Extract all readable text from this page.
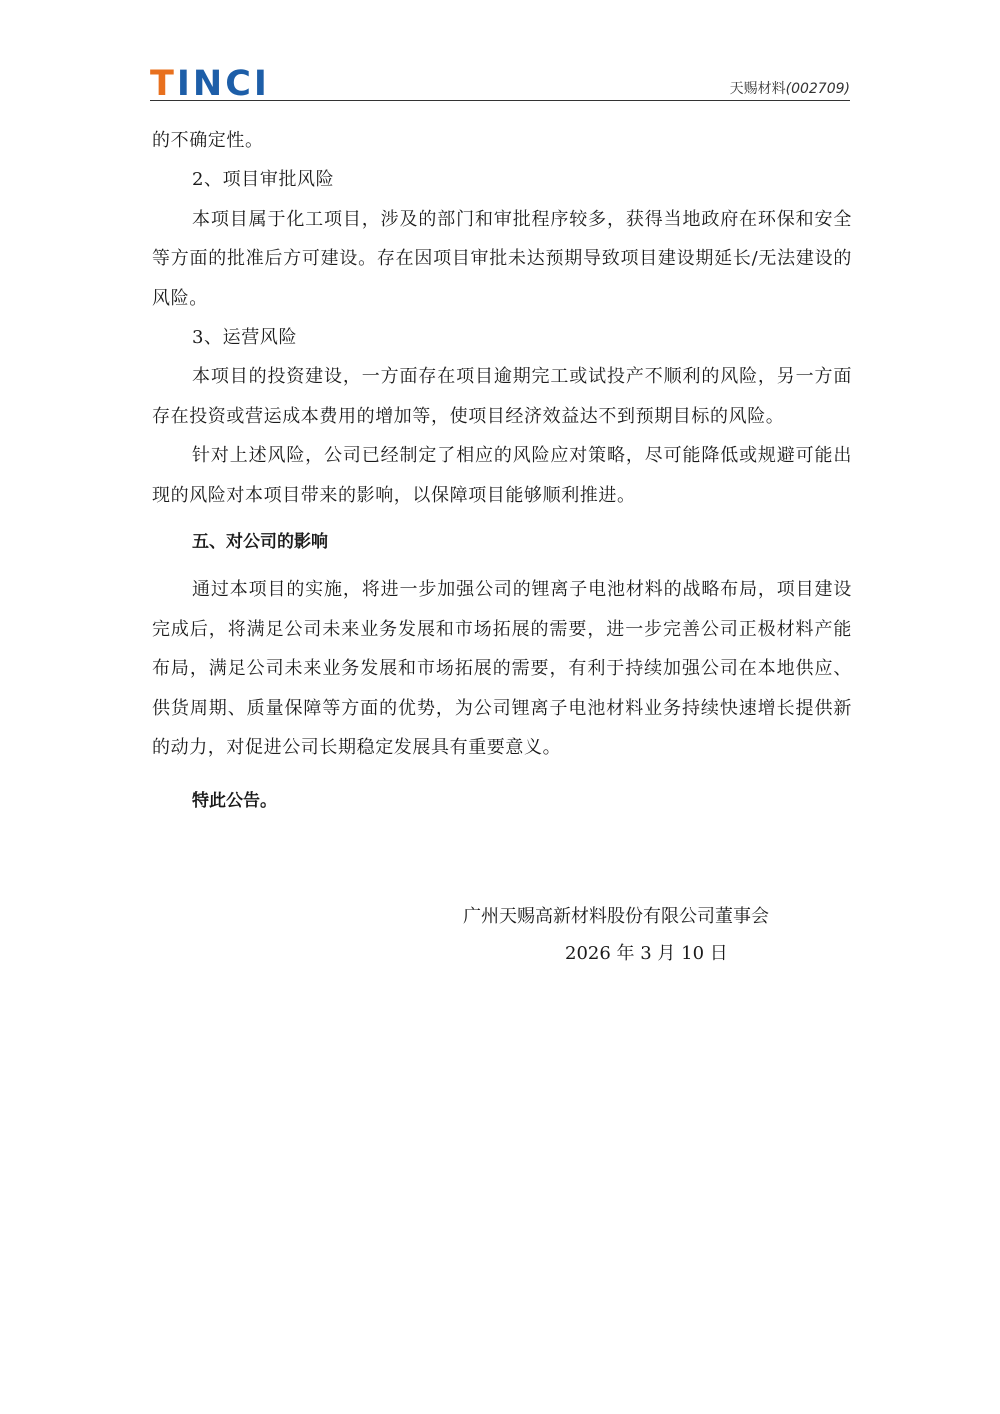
TINCI	天赐材料(002709)

的不确定性。

2、项目审批风险

本项目属于化工项目，涉及的部门和审批程序较多，获得当地政府在环保和安全等方面的批准后方可建设。存在因项目审批未达预期导致项目建设期延长/无法建设的风险。

3、运营风险

本项目的投资建设，一方面存在项目逾期完工或试投产不顺利的风险，另一方面存在投资或营运成本费用的增加等，使项目经济效益达不到预期目标的风险。

针对上述风险，公司已经制定了相应的风险应对策略，尽可能降低或规避可能出现的风险对本项目带来的影响，以保障项目能够顺利推进。

五、对公司的影响

通过本项目的实施，将进一步加强公司的锂离子电池材料的战略布局，项目建设完成后，将满足公司未来业务发展和市场拓展的需要，进一步完善公司正极材料产能布局，满足公司未来业务发展和市场拓展的需要，有利于持续加强公司在本地供应、供货周期、质量保障等方面的优势，为公司锂离子电池材料业务持续快速增长提供新的动力，对促进公司长期稳定发展具有重要意义。

特此公告。

广州天赐高新材料股份有限公司董事会
2026 年 3 月 10 日
